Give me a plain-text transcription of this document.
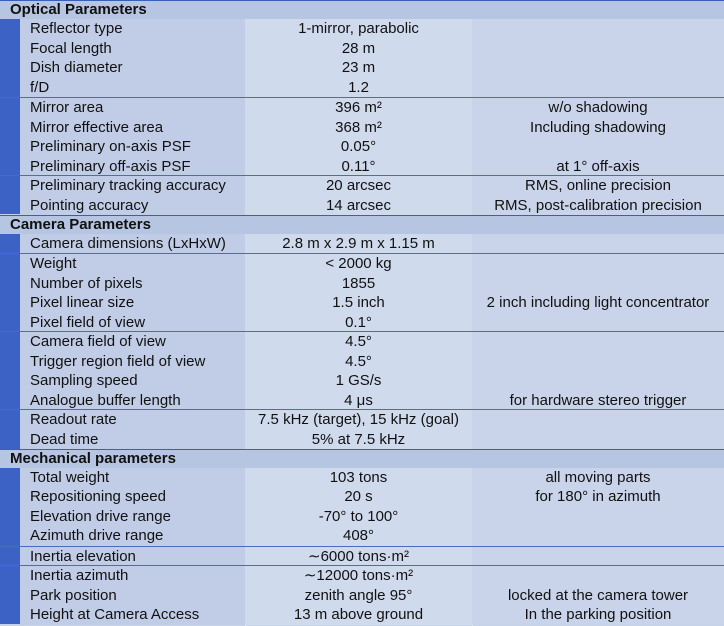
Optical Parameters
Reflector type	1-mirror, parabolic
Focal length	28 m
Dish diameter	23 m
f/D	1.2
Mirror area	396 m²	w/o shadowing
Mirror effective area	368 m²	Including shadowing
Preliminary on-axis PSF	0.05°
Preliminary off-axis PSF	0.11°	at 1° off-axis
Preliminary tracking accuracy	20 arcsec	RMS, online precision
Pointing accuracy	14 arcsec	RMS, post-calibration precision
Camera Parameters
Camera dimensions (LxHxW)	2.8 m x 2.9 m x 1.15 m
Weight	< 2000 kg
Number of pixels	1855
Pixel linear size	1.5 inch	2 inch including light concentrator
Pixel field of view	0.1°
Camera field of view	4.5°
Trigger region field of view	4.5°
Sampling speed	1 GS/s
Analogue buffer length	4 μs	for hardware stereo trigger
Readout rate	7.5 kHz (target), 15 kHz (goal)
Dead time	5% at 7.5 kHz
Mechanical parameters
Total weight	103 tons	all moving parts
Repositioning speed	20 s	for 180° in azimuth
Elevation drive range	-70° to 100°
Azimuth drive range	408°
Inertia elevation	∼6000 tons·m²
Inertia azimuth	∼12000 tons·m²
Park position	zenith angle 95°	locked at the camera tower
Height at Camera Access	13 m above ground	In the parking position
